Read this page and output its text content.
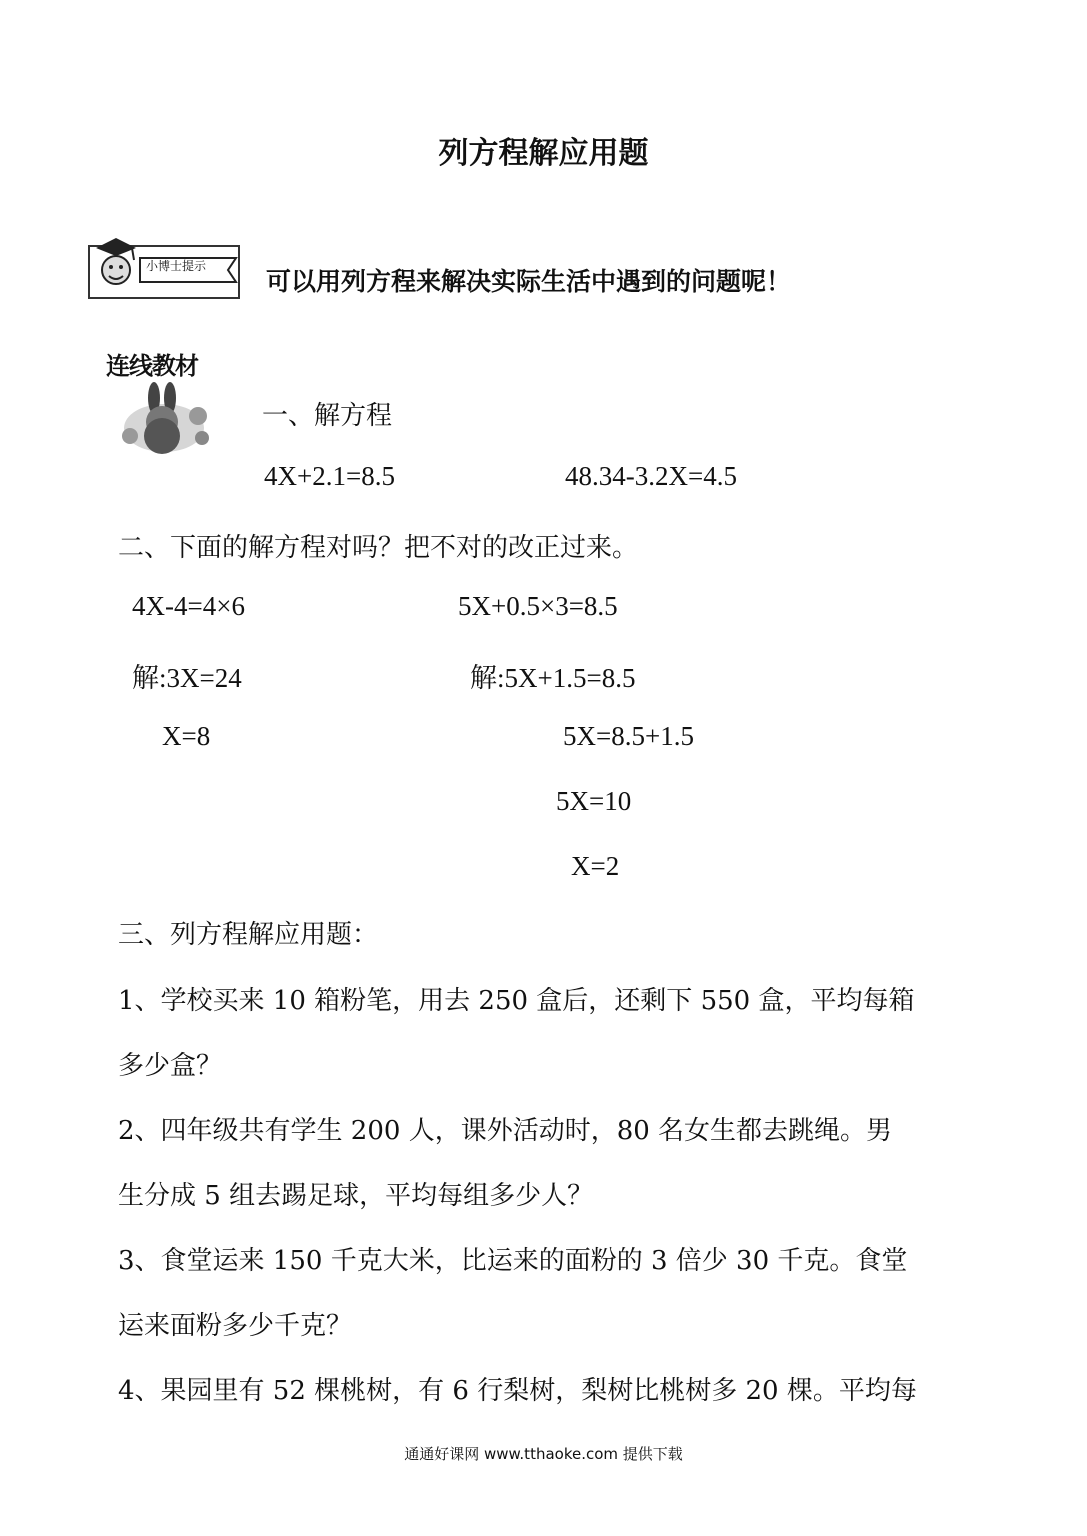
列方程解应用题
小博士提示
可以用列方程来解决实际生活中遇到的问题呢！
连线教材
一、解方程
4X+2.1=8.5	48.34-3.2X=4.5
二、下面的解方程对吗？把不对的改正过来。
4X-4=4×6
解:3X=24
X=8
5X+0.5×3=8.5
解:5X+1.5=8.5
5X=8.5+1.5
5X=10
X=2
三、列方程解应用题：
1、学校买来 10 箱粉笔，用去 250 盒后，还剩下 550 盒，平均每箱
多少盒？
2、四年级共有学生 200 人，课外活动时，80 名女生都去跳绳。男
生分成 5 组去踢足球，平均每组多少人？
3、食堂运来 150 千克大米，比运来的面粉的 3 倍少 30 千克。食堂
运来面粉多少千克？
4、果园里有 52 棵桃树，有 6 行梨树，梨树比桃树多 20 棵。平均每
通通好课网 www.tthaoke.com 提供下载
